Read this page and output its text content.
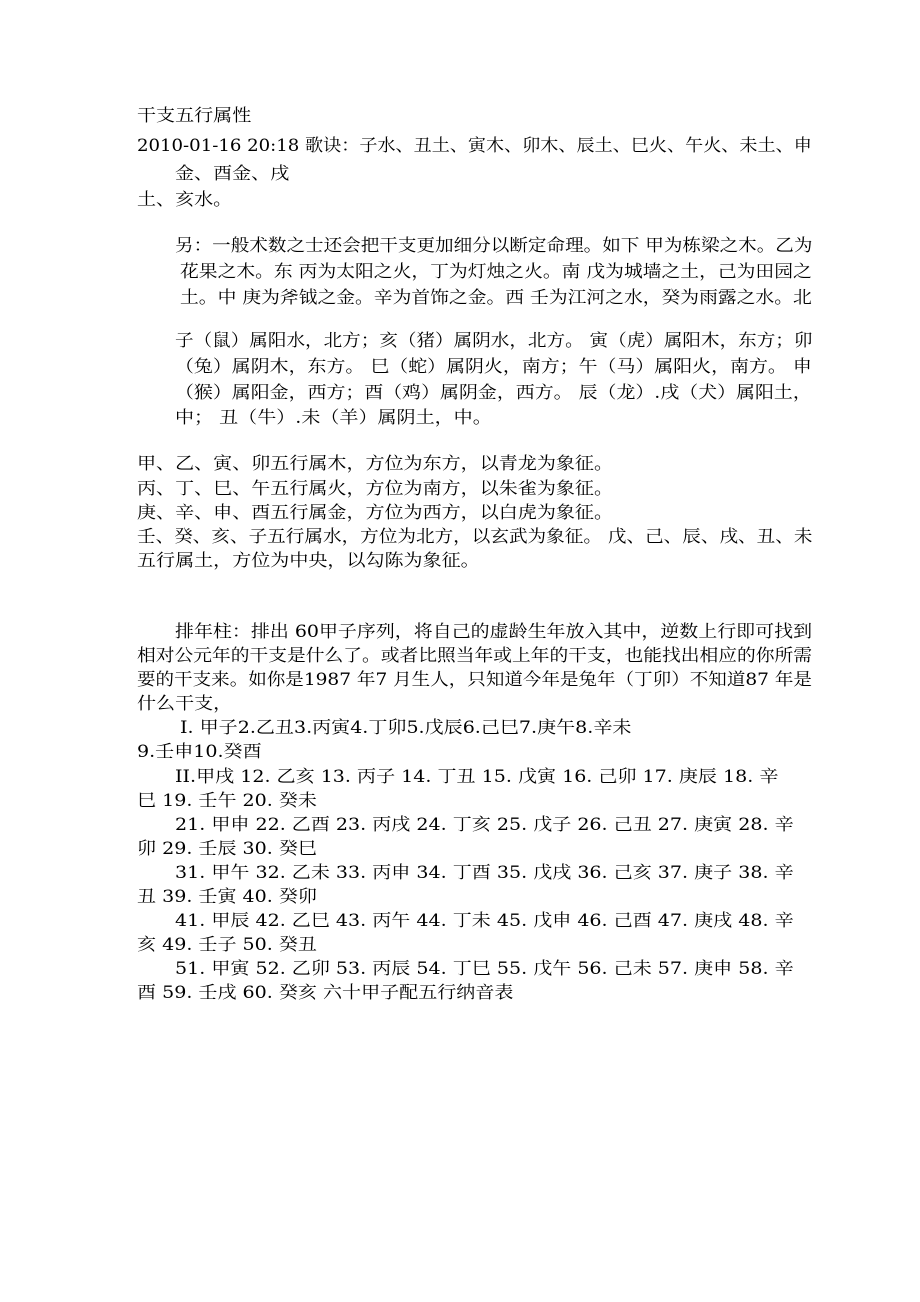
干支五行属性

2010-01-16 20:18 歌诀：子水、丑土、寅木、卯木、辰土、巳火、午火、未土、申

金、酉金、戌

土、亥水。

另：一般术数之士还会把干支更加细分以断定命理。如下 甲为栋梁之木。乙为

花果之木。东 丙为太阳之火，丁为灯烛之火。南 戊为城墙之土，己为田园之

土。中 庚为斧钺之金。辛为首饰之金。西 壬为江河之水，癸为雨露之水。北

子（鼠）属阳水，北方；亥（猪）属阴水，北方。 寅（虎）属阳木，东方；卯

（兔）属阴木，东方。 巳（蛇）属阴火，南方；午（马）属阳火，南方。 申

（猴）属阳金，西方；酉（鸡）属阴金，西方。 辰（龙）.戌（犬）属阳土，

中； 丑（牛）.未（羊）属阴土，中。

甲、乙、寅、卯五行属木，方位为东方，以青龙为象征。

丙、丁、巳、午五行属火，方位为南方，以朱雀为象征。

庚、辛、申、酉五行属金，方位为西方，以白虎为象征。

壬、癸、亥、子五行属水，方位为北方，以玄武为象征。 戊、己、辰、戌、丑、未

五行属土，方位为中央，以勾陈为象征。

排年柱：排出 60甲子序列，将自己的虚龄生年放入其中，逆数上行即可找到

相对公元年的干支是什么了。或者比照当年或上年的干支，也能找出相应的你所需

要的干支来。如你是1987 年7 月生人，只知道今年是兔年（丁卯）不知道87 年是

什么干支，

I. 甲子2.乙丑3.丙寅4.丁卯5.戊辰6.己巳7.庚午8.辛未

9.壬申10.癸酉

II.甲戌 12. 乙亥 13. 丙子 14. 丁丑 15. 戊寅 16. 己卯 17. 庚辰 18. 辛

巳 19. 壬午 20. 癸未

21. 甲申 22. 乙酉 23. 丙戌 24. 丁亥 25. 戊子 26. 己丑 27. 庚寅 28. 辛

卯 29. 壬辰 30. 癸巳

31. 甲午 32. 乙未 33. 丙申 34. 丁酉 35. 戊戌 36. 己亥 37. 庚子 38. 辛

丑 39. 壬寅 40. 癸卯

41. 甲辰 42. 乙巳 43. 丙午 44. 丁未 45. 戊申 46. 己酉 47. 庚戌 48. 辛

亥 49. 壬子 50. 癸丑

51. 甲寅 52. 乙卯 53. 丙辰 54. 丁巳 55. 戊午 56. 己未 57. 庚申 58. 辛

酉 59. 壬戌 60. 癸亥 六十甲子配五行纳音表
